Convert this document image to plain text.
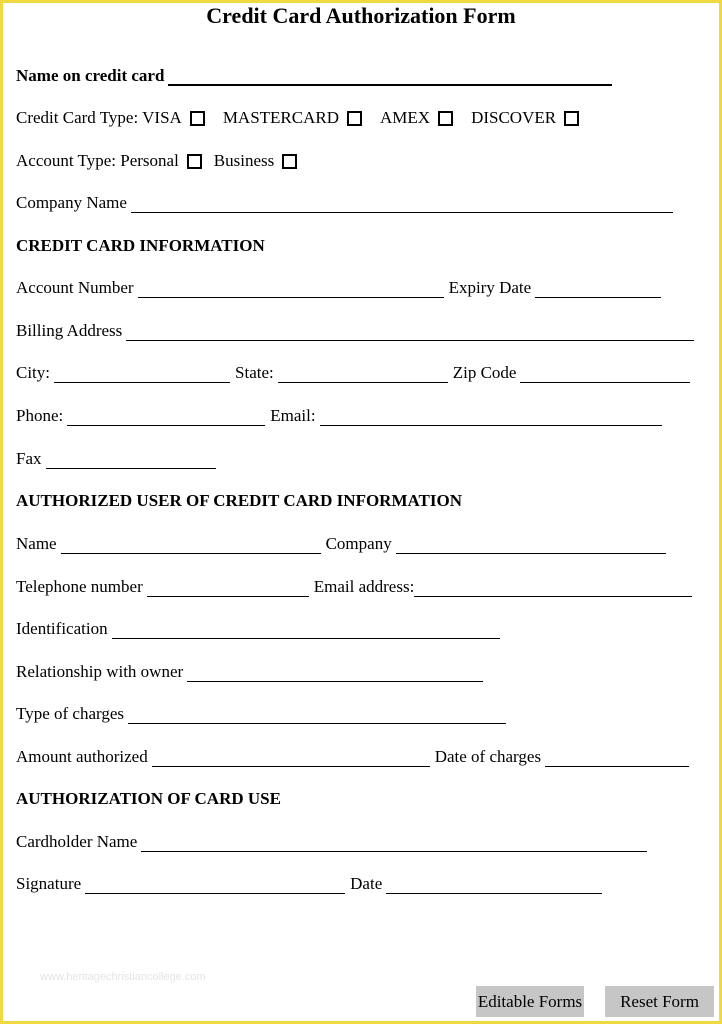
Credit Card Authorization Form
Name on credit card
Credit Card Type: VISA MASTERCARD AMEX DISCOVER
Account Type: Personal Business
Company Name
CREDIT CARD INFORMATION
Account Number	Expiry Date
Billing Address
City:	State:	Zip Code
Phone:	Email:
Fax
AUTHORIZED USER OF CREDIT CARD INFORMATION
Name	Company
Telephone number	Email address:
Identification
Relationship with owner
Type of charges
Amount authorized	Date of charges
AUTHORIZATION OF CARD USE
Cardholder Name
Signature	Date
www.heritagechristiancollege.com
Editable Forms	Reset Form
